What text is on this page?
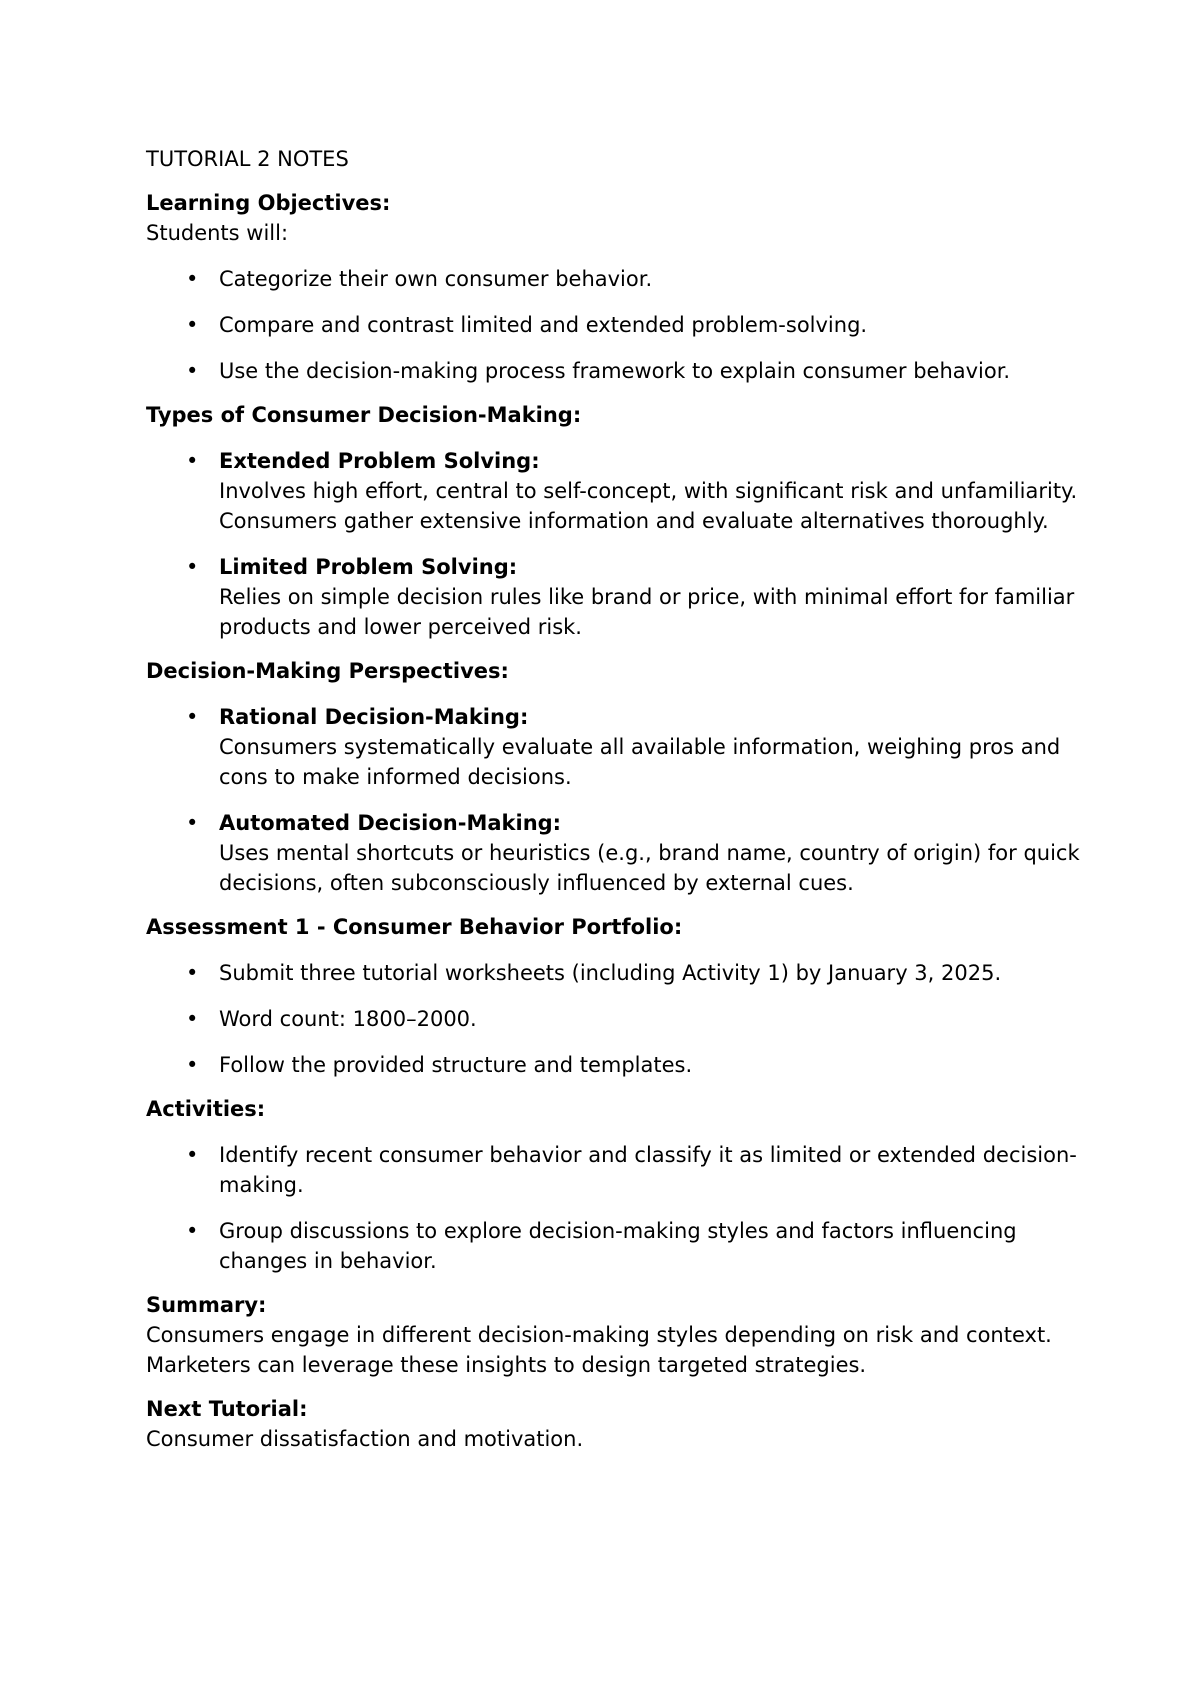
TUTORIAL 2 NOTES
Learning Objectives:

Students will:

• Categorize their own consumer behavior.
• Compare and contrast limited and extended problem-solving.
• Use the decision-making process framework to explain consumer behavior.
Types of Consumer Decision-Making:
• Extended Problem Solving:
Involves high effort, central to self-concept, with significant risk and unfamiliarity. Consumers gather extensive information and evaluate alternatives thoroughly.
• Limited Problem Solving:
Relies on simple decision rules like brand or price, with minimal effort for familiar products and lower perceived risk.
Decision-Making Perspectives:
• Rational Decision-Making:
Consumers systematically evaluate all available information, weighing pros and cons to make informed decisions.
• Automated Decision-Making:
Uses mental shortcuts or heuristics (e.g., brand name, country of origin) for quick decisions, often subconsciously influenced by external cues.
Assessment 1 - Consumer Behavior Portfolio:
• Submit three tutorial worksheets (including Activity 1) by January 3, 2025.
• Word count: 1800–2000.
• Follow the provided structure and templates.
Activities:
• Identify recent consumer behavior and classify it as limited or extended decision-making.
• Group discussions to explore decision-making styles and factors influencing changes in behavior.
Summary:

Consumers engage in different decision-making styles depending on risk and context. Marketers can leverage these insights to design targeted strategies.

Next Tutorial:

Consumer dissatisfaction and motivation.
